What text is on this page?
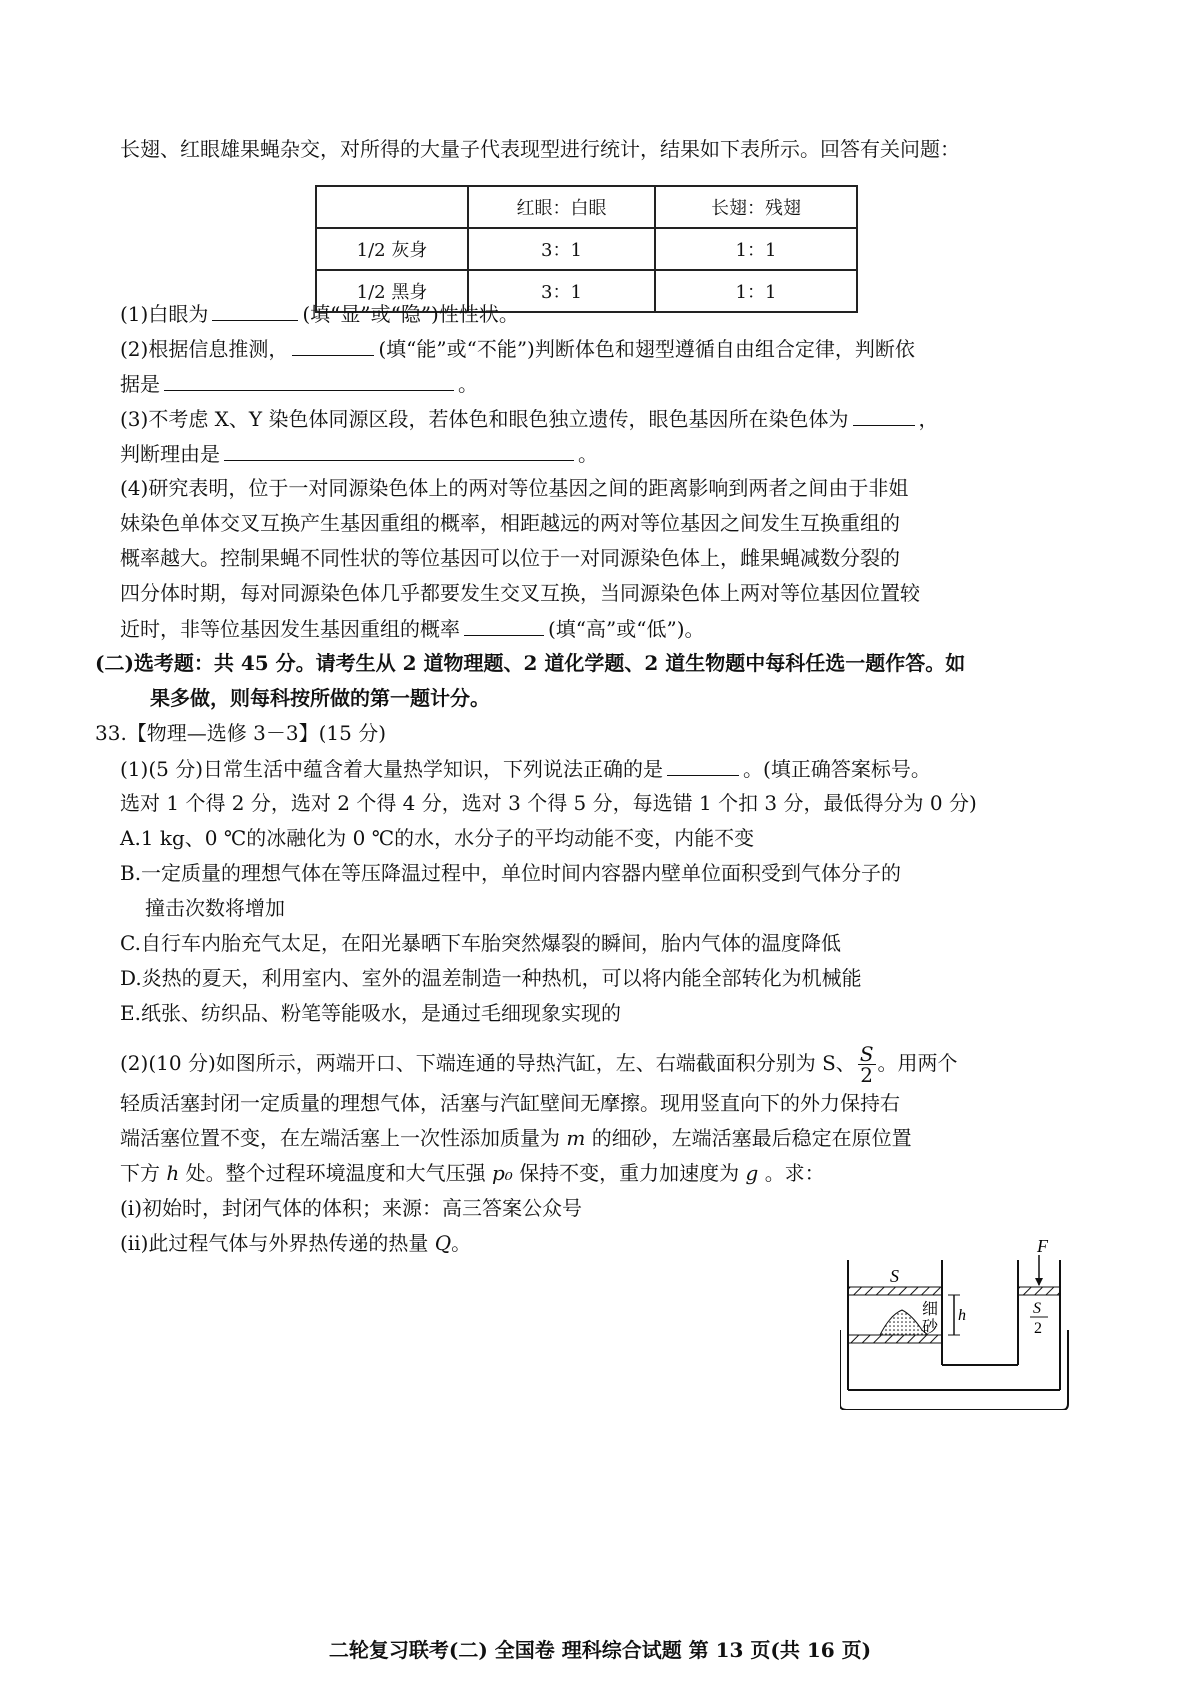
长翅、红眼雄果蝇杂交，对所得的大量子代表现型进行统计，结果如下表所示。回答有关问题：
	红眼：白眼	长翅：残翅
1/2 灰身	3：1	1：1
1/2 黑身	3：1	1：1
(1)白眼为	(填“显”或“隐”)性性状。
(2)根据信息推测，	(填“能”或“不能”)判断体色和翅型遵循自由组合定律，判断依
据是	。
(3)不考虑 X、Y 染色体同源区段，若体色和眼色独立遗传，眼色基因所在染色体为	，
判断理由是	。
(4)研究表明，位于一对同源染色体上的两对等位基因之间的距离影响到两者之间由于非姐
妹染色单体交叉互换产生基因重组的概率，相距越远的两对等位基因之间发生互换重组的
概率越大。控制果蝇不同性状的等位基因可以位于一对同源染色体上，雌果蝇减数分裂的
四分体时期，每对同源染色体几乎都要发生交叉互换，当同源染色体上两对等位基因位置较
近时，非等位基因发生基因重组的概率	(填“高”或“低”)。
(二)选考题：共 45 分。请考生从 2 道物理题、2 道化学题、2 道生物题中每科任选一题作答。如
果多做，则每科按所做的第一题计分。
33.【物理—选修 3－3】(15 分)
(1)(5 分)日常生活中蕴含着大量热学知识，下列说法正确的是	。(填正确答案标号。
选对 1 个得 2 分，选对 2 个得 4 分，选对 3 个得 5 分，每选错 1 个扣 3 分，最低得分为 0 分)
A.1 kg、0 ℃的冰融化为 0 ℃的水，水分子的平均动能不变，内能不变
B.一定质量的理想气体在等压降温过程中，单位时间内容器内壁单位面积受到气体分子的
撞击次数将增加
C.自行车内胎充气太足，在阳光暴晒下车胎突然爆裂的瞬间，胎内气体的温度降低
D.炎热的夏天，利用室内、室外的温差制造一种热机，可以将内能全部转化为机械能
E.纸张、纺织品、粉笔等能吸水，是通过毛细现象实现的
(2)(10 分)如图所示，两端开口、下端连通的导热汽缸，左、右端截面积分别为 S、 $\frac{S}{2}$ 。用两个
轻质活塞封闭一定质量的理想气体，活塞与汽缸壁间无摩擦。现用竖直向下的外力保持右
端活塞位置不变，在左端活塞上一次性添加质量为 m 的细砂，左端活塞最后稳定在原位置
下方 h 处。整个过程环境温度和大气压强 p₀ 保持不变，重力加速度为 g 。求：
(ⅰ)初始时，封闭气体的体积；来源：高三答案公众号
(ⅱ)此过程气体与外界热传递的热量 Q。
S
F
细
砂
h	S
2
二轮复习联考(二) 全国卷 理科综合试题 第 13 页(共 16 页)
